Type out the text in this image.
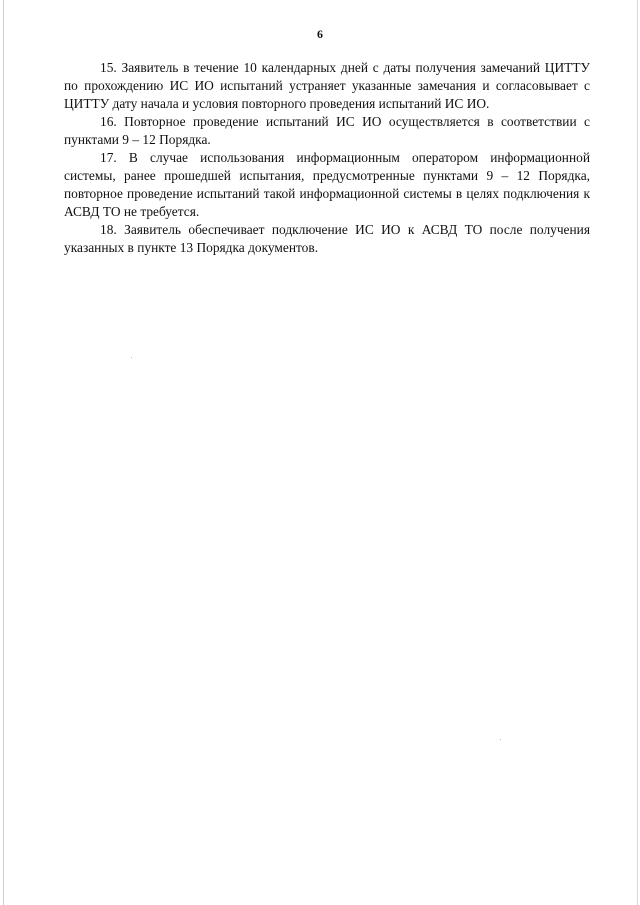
6

15. Заявитель в течение 10 календарных дней с даты получения замечаний ЦИТТУ по прохождению ИС ИО испытаний устраняет указанные замечания и согласовывает с ЦИТТУ дату начала и условия повторного проведения испытаний ИС ИО.

16. Повторное проведение испытаний ИС ИО осуществляется в соответствии с пунктами 9 – 12 Порядка.

17. В случае использования информационным оператором информационной системы, ранее прошедшей испытания, предусмотренные пунктами 9 – 12 Порядка, повторное проведение испытаний такой информационной системы в целях подключения к АСВД ТО не требуется.

18. Заявитель обеспечивает подключение ИС ИО к АСВД ТО после получения указанных в пункте 13 Порядка документов.
